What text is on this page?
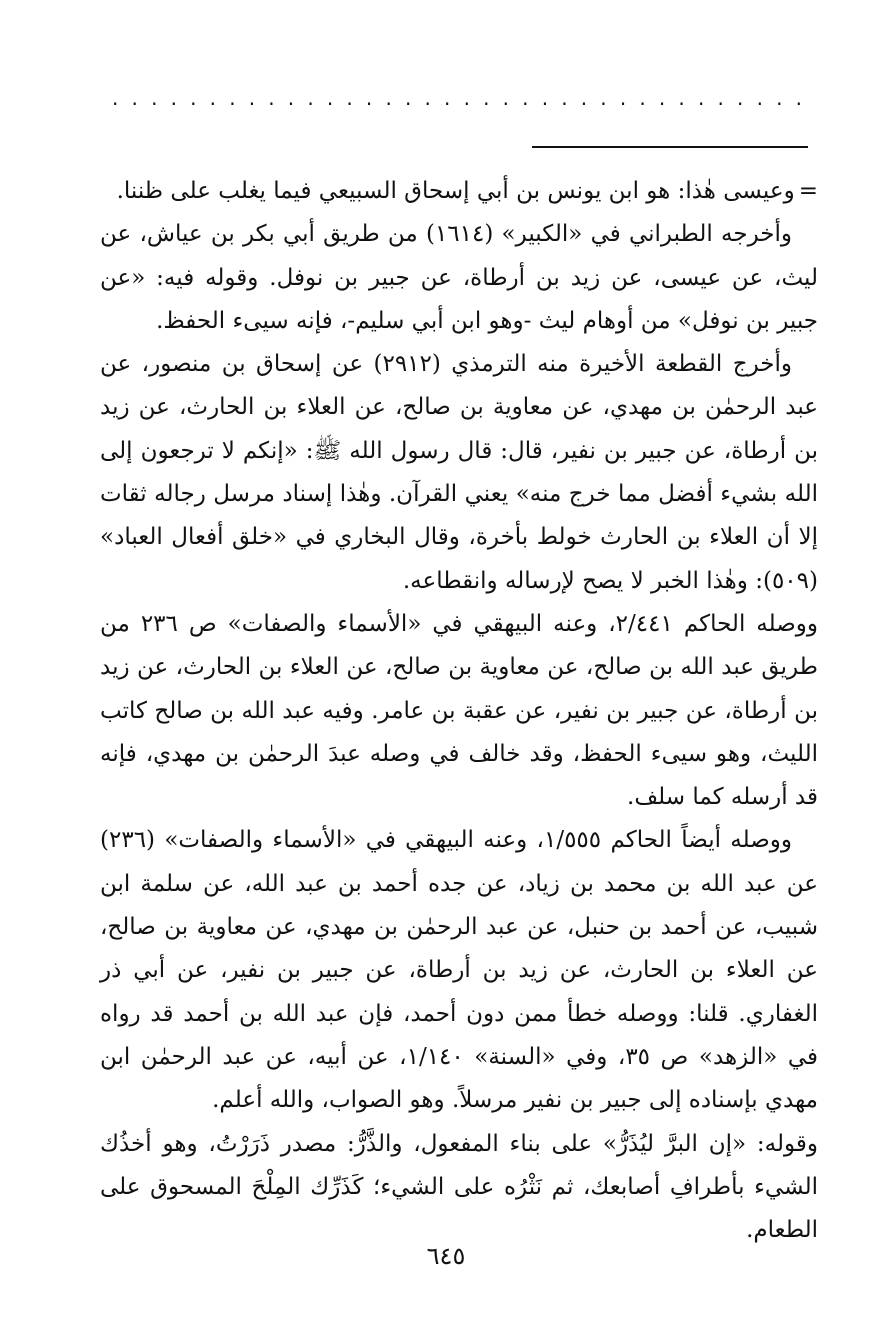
. . . . . . . . . . . . . . . . . . . . . . . . . . . . . . . . . . . .

=وعيسى هٰذا: هو ابن يونس بن أبي إسحاق السبيعي فيما يغلب على ظننا.

وأخرجه الطبراني في «الكبير» (١٦١٤) من طريق أبي بكر بن عياش، عن ليث، عن عيسى، عن زيد بن أرطاة، عن جبير بن نوفل. وقوله فيه: «عن جبير بن نوفل» من أوهام ليث -وهو ابن أبي سليم-، فإنه سيىء الحفظ.

وأخرج القطعة الأخيرة منه الترمذي (٢٩١٢) عن إسحاق بن منصور، عن عبد الرحمٰن بن مهدي، عن معاوية بن صالح، عن العلاء بن الحارث، عن زيد بن أرطاة، عن جبير بن نفير، قال: قال رسول الله ﷺ: «إنكم لا ترجعون إلى الله بشيء أفضل مما خرج منه» يعني القرآن. وهٰذا إسناد مرسل رجاله ثقات إلا أن العلاء بن الحارث خولط بأخرة، وقال البخاري في «خلق أفعال العباد» (٥٠٩): وهٰذا الخبر لا يصح لإرساله وانقطاعه.

ووصله الحاكم ٢/٤٤١، وعنه البيهقي في «الأسماء والصفات» ص ٢٣٦ من طريق عبد الله بن صالح، عن معاوية بن صالح، عن العلاء بن الحارث، عن زيد بن أرطاة، عن جبير بن نفير، عن عقبة بن عامر. وفيه عبد الله بن صالح كاتب الليث، وهو سيىء الحفظ، وقد خالف في وصله عبدَ الرحمٰن بن مهدي، فإنه قد أرسله كما سلف.

ووصله أيضاً الحاكم ١/٥٥٥، وعنه البيهقي في «الأسماء والصفات» (٢٣٦) عن عبد الله بن محمد بن زياد، عن جده أحمد بن عبد الله، عن سلمة ابن شبيب، عن أحمد بن حنبل، عن عبد الرحمٰن بن مهدي، عن معاوية بن صالح، عن العلاء بن الحارث، عن زيد بن أرطاة، عن جبير بن نفير، عن أبي ذر الغفاري. قلنا: ووصله خطأ ممن دون أحمد، فإن عبد الله بن أحمد قد رواه في «الزهد» ص ٣٥، وفي «السنة» ١/١٤٠، عن أبيه، عن عبد الرحمٰن ابن مهدي بإسناده إلى جبير بن نفير مرسلاً. وهو الصواب، والله أعلم.

وقوله: «إن البرَّ ليُذَرُّ» على بناء المفعول، والذَّرُّ: مصدر ذَرَرْتُ، وهو أخذُك الشيء بأطرافِ أصابعك، ثم نَثْرُه على الشيء؛ كَذَرِّك المِلْحَ المسحوق على الطعام.

٦٤٥
